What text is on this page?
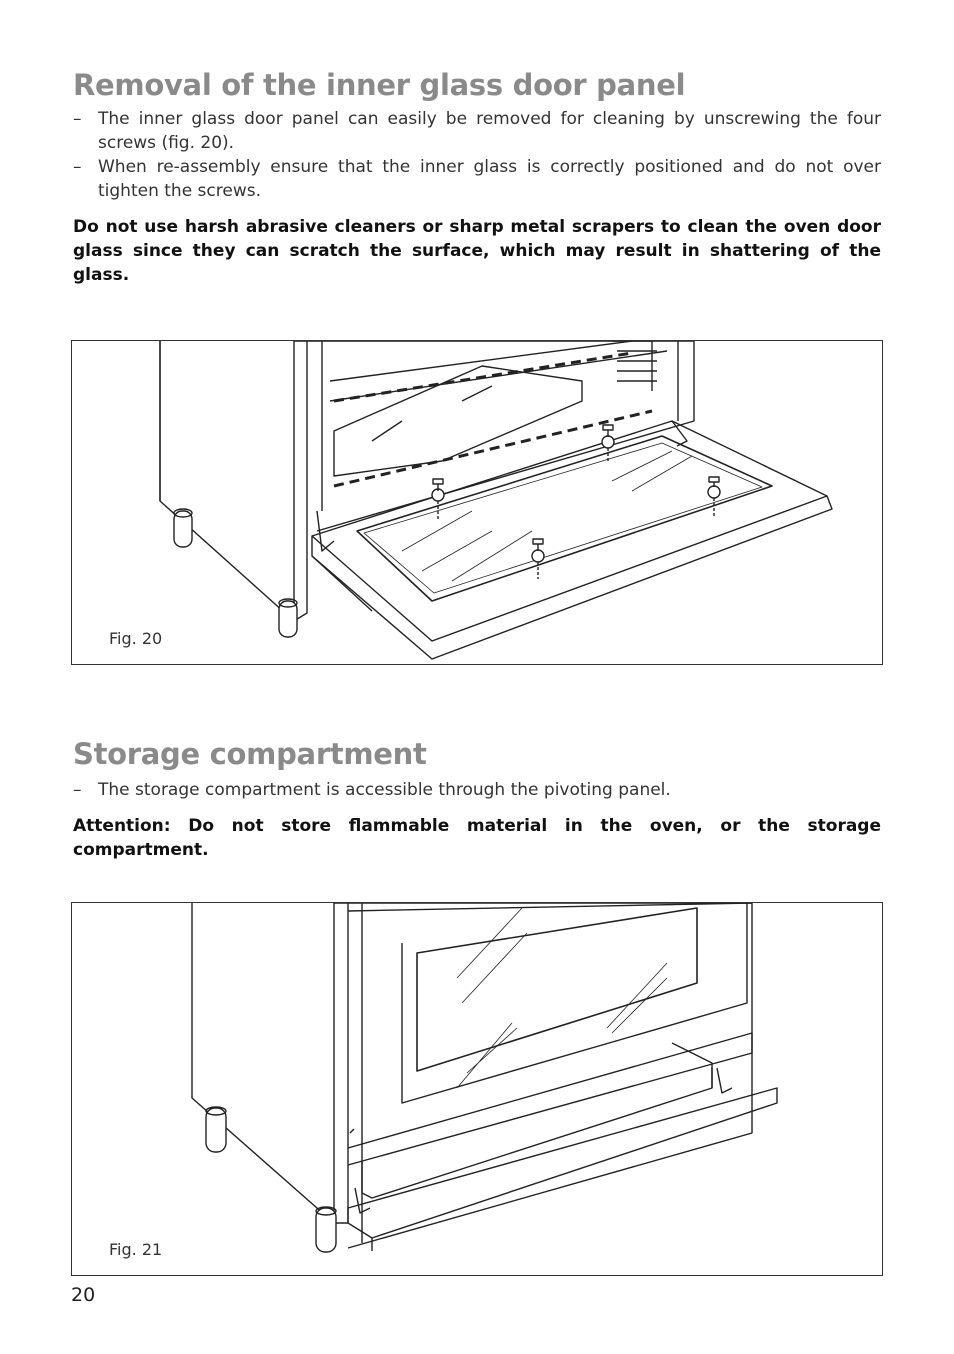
Removal of the inner glass door panel
– The inner glass door panel can easily be removed for cleaning by unscrewing the four screws (fig. 20).
– When re-assembly ensure that the inner glass is correctly positioned and do not over tighten the screws.

Do not use harsh abrasive cleaners or sharp metal scrapers to clean the oven door glass since they can scratch the surface, which may result in shattering of the glass.

Fig. 20
Storage compartment
– The storage compartment is accessible through the pivoting panel.

Attention: Do not store flammable material in the oven, or the storage compartment.

Fig. 21
20
